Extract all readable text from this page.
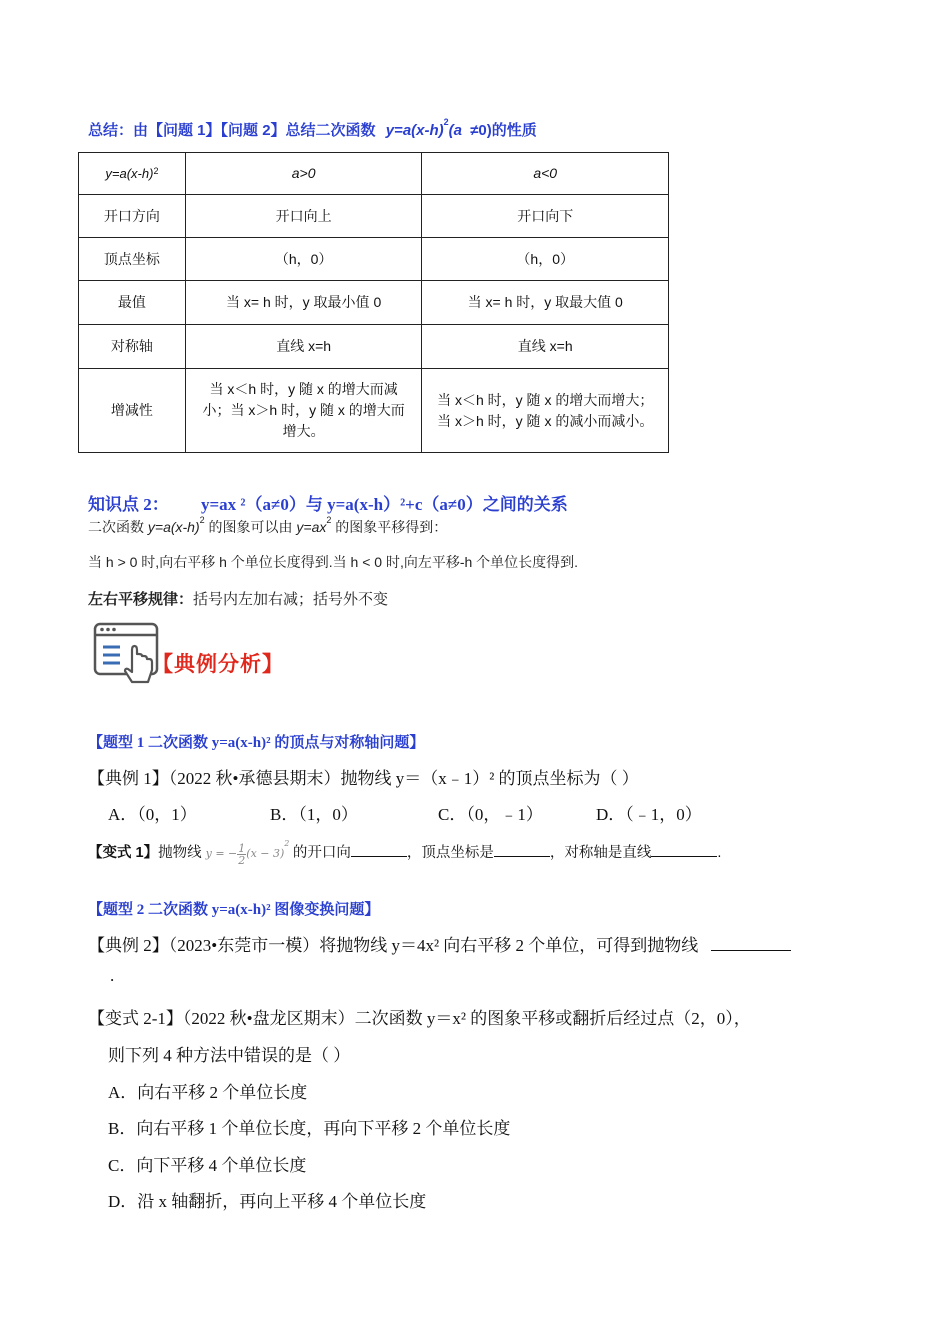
总结：由【问题 1】【问题 2】总结二次函数 $y=a(x-h)^2(a \ne 0)$的性质
$y=a(x-h)^2$	a>0	a<0
开口方向	开口向上	开口向下
顶点坐标	（h，0）	（h，0）
最值	当 x= h 时，y 取最小值 0	当 x= h 时，y 取最大值 0
对称轴	直线 x=h	直线 x=h
增减性	当 x＜h 时，y 随 x 的增大而减小；当 x＞h 时，y 随 x 的增大而增大。	当 x＜h 时，y 随 x 的增大而增大；当 x＞h 时，y 随 x 的减小而减小。
知识点 2： y=ax ²（a≠0）与 y=a(x-h）²+c（a≠0）之间的关系
二次函数 $y=a(x-h)^2$ 的图象可以由 $y=ax^2$ 的图象平移得到：
当 h > 0 时,向右平移 h 个单位长度得到.当 h < 0 时,向左平移-h 个单位长度得到.
左右平移规律：括号内左加右减；括号外不变
【典例分析】
【题型 1 二次函数 y=a(x-h)² 的顶点与对称轴问题】
【典例 1】（2022 秋•承德县期末）抛物线 y＝（x﹣1）² 的顶点坐标为（ ）
A．（0，1）	B．（1，0）	C．（0，﹣1）	D．（﹣1，0）
【变式 1】抛物线 y = − $\frac{1}{2}(x - 3)^2$ 的开口向	，顶点坐标是	，对称轴是直线	.
【题型 2 二次函数 y=a(x-h)² 图像变换问题】
【典例 2】（2023•东莞市一模）将抛物线 y＝4x² 向右平移 2 个单位，可得到抛物线
.
【变式 2-1】（2022 秋•盘龙区期末）二次函数 y＝x² 的图象平移或翻折后经过点（2，0），
则下列 4 种方法中错误的是（ ）
A．向右平移 2 个单位长度
B．向右平移 1 个单位长度，再向下平移 2 个单位长度
C．向下平移 4 个单位长度
D．沿 x 轴翻折，再向上平移 4 个单位长度
